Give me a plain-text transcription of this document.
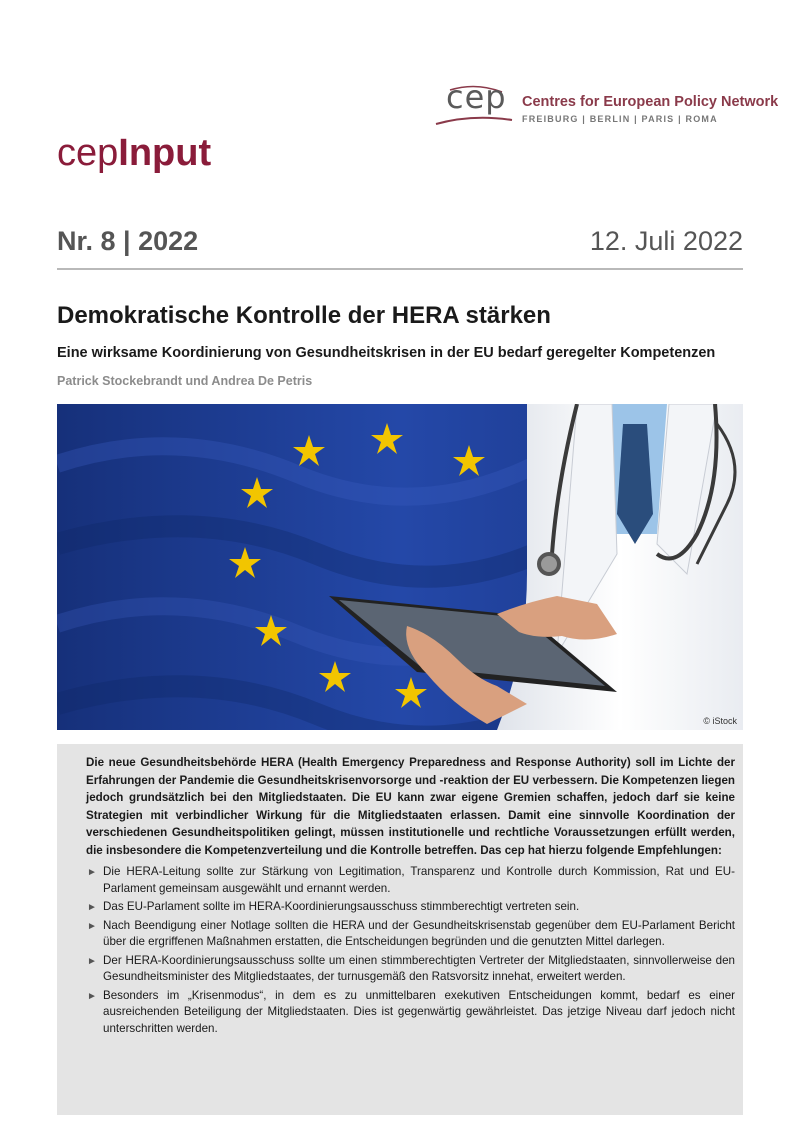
cep Centres for European Policy Network
FREIBURG | BERLIN | PARIS | ROMA
cepInput
Nr. 8 | 2022	12. Juli 2022
Demokratische Kontrolle der HERA stärken
Eine wirksame Koordinierung von Gesundheitskrisen in der EU bedarf geregelter Kompetenzen
Patrick Stockebrandt und Andrea De Petris
© iStock

Die neue Gesundheitsbehörde HERA (Health Emergency Preparedness and Response Authority) soll im Lichte der Erfahrungen der Pandemie die Gesundheitskrisenvorsorge und -reaktion der EU verbessern. Die Kompetenzen liegen jedoch grundsätzlich bei den Mitgliedstaaten. Die EU kann zwar eigene Gremien schaffen, jedoch darf sie keine Strategien mit verbindlicher Wirkung für die Mitgliedstaaten erlassen. Damit eine sinnvolle Koordination der verschiedenen Gesundheitspolitiken gelingt, müssen institutionelle und rechtliche Voraussetzungen erfüllt werden, die insbesondere die Kompetenzverteilung und die Kontrolle betreffen. Das cep hat hierzu folgende Empfehlungen:

► Die HERA-Leitung sollte zur Stärkung von Legitimation, Transparenz und Kontrolle durch Kommission, Rat und EU-Parlament gemeinsam ausgewählt und ernannt werden.
► Das EU-Parlament sollte im HERA-Koordinierungsausschuss stimmberechtigt vertreten sein.
► Nach Beendigung einer Notlage sollten die HERA und der Gesundheitskrisenstab gegenüber dem EU-Parlament Bericht über die ergriffenen Maßnahmen erstatten, die Entscheidungen begründen und die genutzten Mittel darlegen.
► Der HERA-Koordinierungsausschuss sollte um einen stimmberechtigten Vertreter der Mitgliedstaaten, sinnvollerweise den Gesundheitsminister des Mitgliedstaates, der turnusgemäß den Ratsvorsitz innehat, erweitert werden.
► Besonders im „Krisenmodus“, in dem es zu unmittelbaren exekutiven Entscheidungen kommt, bedarf es einer ausreichenden Beteiligung der Mitgliedstaaten. Dies ist gegenwärtig gewährleistet. Das jetzige Niveau darf jedoch nicht unterschritten werden.
